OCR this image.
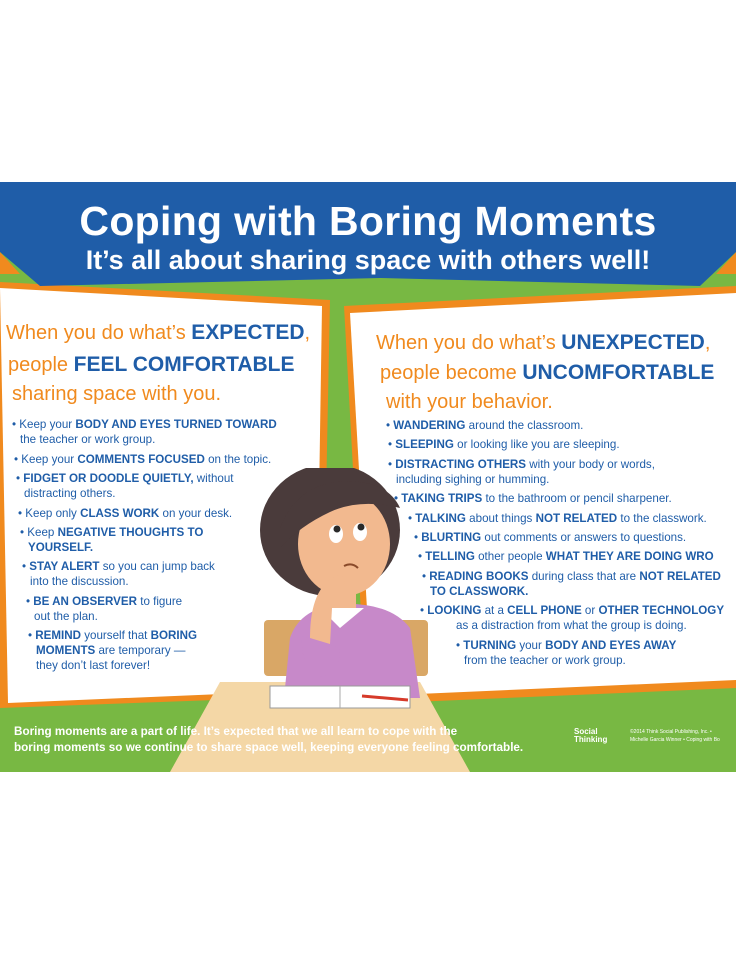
Coping with Boring Moments
It’s all about sharing space with others well!
When you do what’s EXPECTED,
people FEEL COMFORTABLE
sharing space with you.
• Keep your BODY AND EYES TURNED TOWARD
the teacher or work group.
• Keep your COMMENTS FOCUSED on the topic.
• FIDGET OR DOODLE QUIETLY, without
distracting others.
• Keep only CLASS WORK on your desk.
• Keep NEGATIVE THOUGHTS TO
YOURSELF.
• STAY ALERT so you can jump back
into the discussion.
• BE AN OBSERVER to figure
out the plan.
• REMIND yourself that BORING
MOMENTS are temporary —
they don’t last forever!
When you do what’s UNEXPECTED,
people become UNCOMFORTABLE
with your behavior.
• WANDERING around the classroom.
• SLEEPING or looking like you are sleeping.
• DISTRACTING OTHERS with your body or words,
including sighing or humming.
• TAKING TRIPS to the bathroom or pencil sharpener.
• TALKING about things NOT RELATED to the classwork.
• BLURTING out comments or answers to questions.
• TELLING other people WHAT THEY ARE DOING WRO
• READING BOOKS during class that are NOT RELATED
TO CLASSWORK.
• LOOKING at a CELL PHONE or OTHER TECHNOLOGY
as a distraction from what the group is doing.
• TURNING your BODY AND EYES AWAY
from the teacher or work group.
Boring moments are a part of life. It’s expected that we all learn to cope with the
boring moments so we continue to share space well, keeping everyone feeling comfortable.
Social
Thinking
©2014 Think Social Publishing, Inc. •
Michelle Garcia Winner • Coping with Bo
